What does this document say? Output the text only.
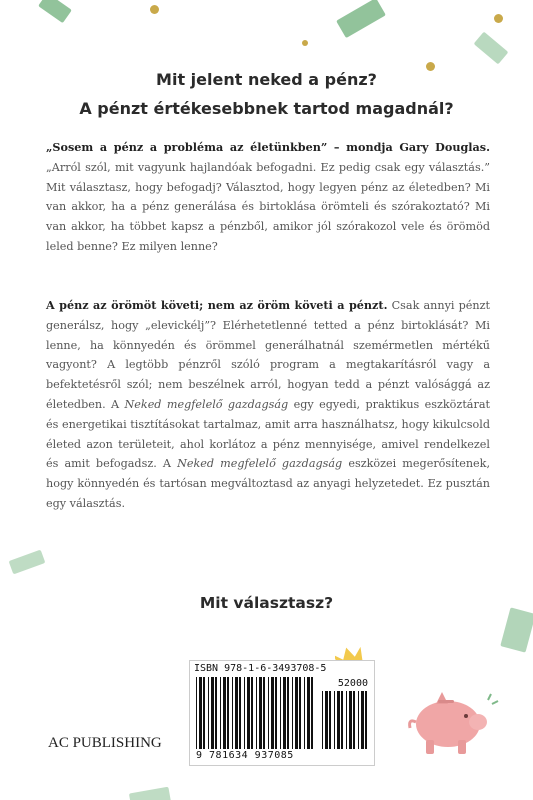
Mit jelent neked a pénz?
A pénzt értékesebbnek tartod magadnál?
„Sosem a pénz a probléma az életünkben” – mondja Gary Douglas. „Arról szól, mit vagyunk hajlandóak befogadni. Ez pedig csak egy választás.” Mit választasz, hogy befogadj? Választod, hogy legyen pénz az életedben? Mi van akkor, ha a pénz generálása és birtoklása örömteli és szórakoztató? Mi van akkor, ha többet kapsz a pénzből, amikor jól szórakozol vele és örömöd leled benne? Ez milyen lenne?
A pénz az örömöt követi; nem az öröm követi a pénzt. Csak annyi pénzt generálsz, hogy „elevickélj”? Elérhetetlenné tetted a pénz birtoklását? Mi lenne, ha könnyedén és örömmel generálhatnál szemérmetlen mértékű vagyont? A legtöbb pénzről szóló program a megtakarításról vagy a befektetésről szól; nem beszélnek arról, hogyan tedd a pénzt valósággá az életedben. A Neked megfelelő gazdagság egy egyedi, praktikus eszköztárat és energetikai tisztításokat tartalmaz, amit arra használhatsz, hogy kikulcsold életed azon területeit, ahol korlátoz a pénz mennyisége, amivel rendelkezel és amit befogadsz. A Neked megfelelő gazdagság eszközei megerősítenek, hogy könnyedén és tartósan megváltoztasd az anyagi helyzetedet. Ez pusztán egy választás.
Mit választasz?
ISBN 978-1-6-3493708-5
52000
9 781634 937085
AC PUBLISHING
